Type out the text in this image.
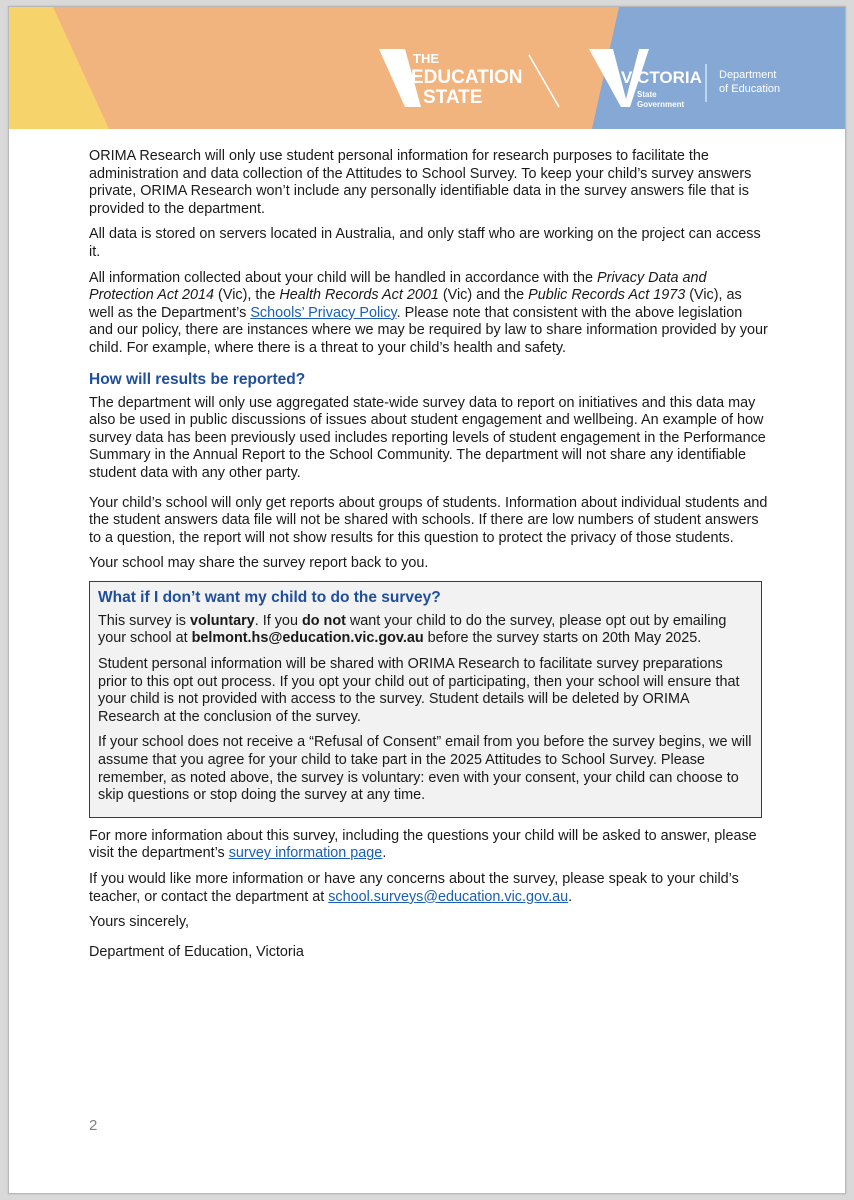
THE
EDUCATION
STATE
VICTORIA
State
Government
Department
of Education

ORIMA Research will only use student personal information for research purposes to facilitate the administration and data collection of the Attitudes to School Survey. To keep your child’s survey answers private, ORIMA Research won’t include any personally identifiable data in the survey answers file that is provided to the department.

All data is stored on servers located in Australia, and only staff who are working on the project can access it.

All information collected about your child will be handled in accordance with the Privacy Data and Protection Act 2014 (Vic), the Health Records Act 2001 (Vic) and the Public Records Act 1973 (Vic), as well as the Department’s Schools’ Privacy Policy. Please note that consistent with the above legislation and our policy, there are instances where we may be required by law to share information provided by your child. For example, where there is a threat to your child’s health and safety.

How will results be reported?

The department will only use aggregated state-wide survey data to report on initiatives and this data may also be used in public discussions of issues about student engagement and wellbeing. An example of how survey data has been previously used includes reporting levels of student engagement in the Performance Summary in the Annual Report to the School Community. The department will not share any identifiable student data with any other party.

Your child’s school will only get reports about groups of students. Information about individual students and the student answers data file will not be shared with schools. If there are low numbers of student answers to a question, the report will not show results for this question to protect the privacy of those students.

Your school may share the survey report back to you.

What if I don’t want my child to do the survey?

This survey is voluntary. If you do not want your child to do the survey, please opt out by emailing your school at belmont.hs@education.vic.gov.au before the survey starts on 20th May 2025.

Student personal information will be shared with ORIMA Research to facilitate survey preparations prior to this opt out process. If you opt your child out of participating, then your school will ensure that your child is not provided with access to the survey. Student details will be deleted by ORIMA Research at the conclusion of the survey.

If your school does not receive a “Refusal of Consent” email from you before the survey begins, we will assume that you agree for your child to take part in the 2025 Attitudes to School Survey. Please remember, as noted above, the survey is voluntary: even with your consent, your child can choose to skip questions or stop doing the survey at any time.

For more information about this survey, including the questions your child will be asked to answer, please visit the department’s survey information page.

If you would like more information or have any concerns about the survey, please speak to your child’s teacher, or contact the department at school.surveys@education.vic.gov.au.

Yours sincerely,

Department of Education, Victoria

2
